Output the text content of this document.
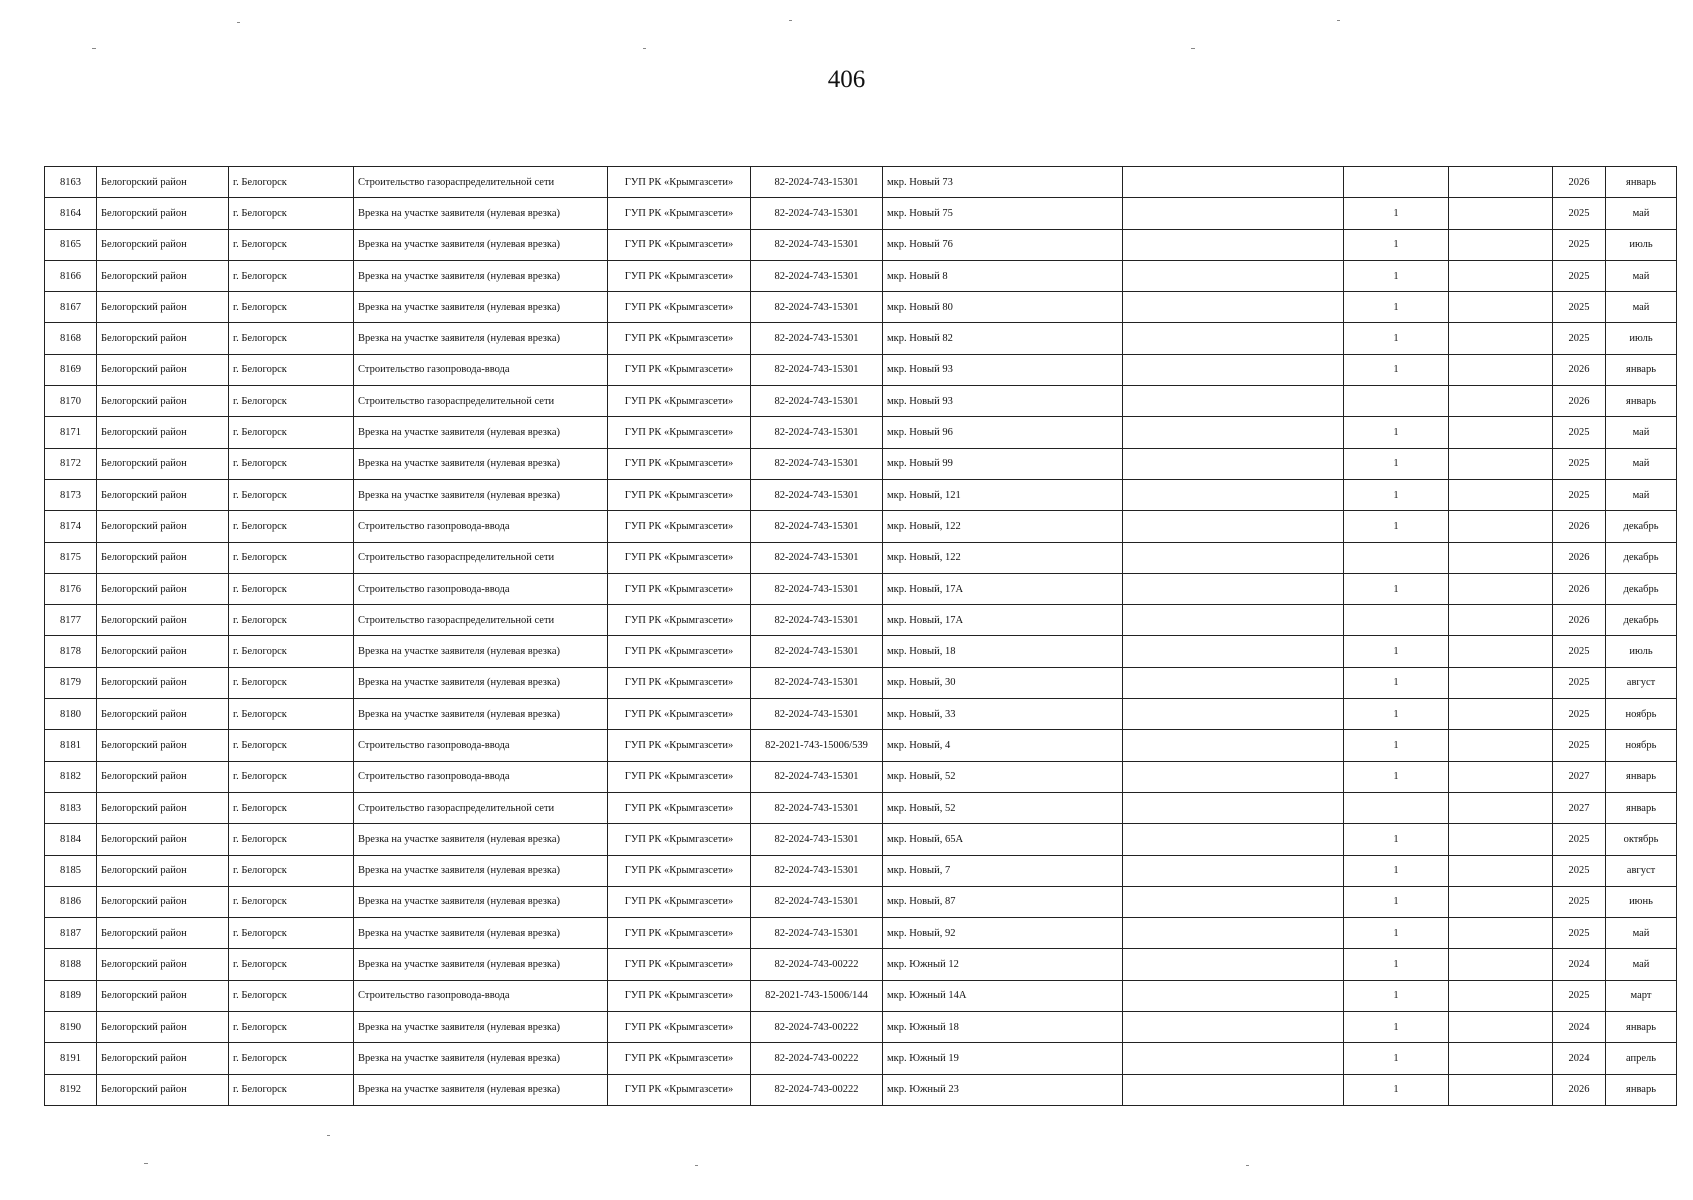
406
8163	Белогорский район	г. Белогорск	Строительство газораспределительной сети	ГУП РК «Крымгазсети»	82-2024-743-15301	мкр. Новый 73				2026	январь
8164	Белогорский район	г. Белогорск	Врезка на участке заявителя (нулевая врезка)	ГУП РК «Крымгазсети»	82-2024-743-15301	мкр. Новый 75		1		2025	май
8165	Белогорский район	г. Белогорск	Врезка на участке заявителя (нулевая врезка)	ГУП РК «Крымгазсети»	82-2024-743-15301	мкр. Новый 76		1		2025	июль
8166	Белогорский район	г. Белогорск	Врезка на участке заявителя (нулевая врезка)	ГУП РК «Крымгазсети»	82-2024-743-15301	мкр. Новый 8		1		2025	май
8167	Белогорский район	г. Белогорск	Врезка на участке заявителя (нулевая врезка)	ГУП РК «Крымгазсети»	82-2024-743-15301	мкр. Новый 80		1		2025	май
8168	Белогорский район	г. Белогорск	Врезка на участке заявителя (нулевая врезка)	ГУП РК «Крымгазсети»	82-2024-743-15301	мкр. Новый 82		1		2025	июль
8169	Белогорский район	г. Белогорск	Строительство газопровода-ввода	ГУП РК «Крымгазсети»	82-2024-743-15301	мкр. Новый 93		1		2026	январь
8170	Белогорский район	г. Белогорск	Строительство газораспределительной сети	ГУП РК «Крымгазсети»	82-2024-743-15301	мкр. Новый 93				2026	январь
8171	Белогорский район	г. Белогорск	Врезка на участке заявителя (нулевая врезка)	ГУП РК «Крымгазсети»	82-2024-743-15301	мкр. Новый 96		1		2025	май
8172	Белогорский район	г. Белогорск	Врезка на участке заявителя (нулевая врезка)	ГУП РК «Крымгазсети»	82-2024-743-15301	мкр. Новый 99		1		2025	май
8173	Белогорский район	г. Белогорск	Врезка на участке заявителя (нулевая врезка)	ГУП РК «Крымгазсети»	82-2024-743-15301	мкр. Новый, 121		1		2025	май
8174	Белогорский район	г. Белогорск	Строительство газопровода-ввода	ГУП РК «Крымгазсети»	82-2024-743-15301	мкр. Новый, 122		1		2026	декабрь
8175	Белогорский район	г. Белогорск	Строительство газораспределительной сети	ГУП РК «Крымгазсети»	82-2024-743-15301	мкр. Новый, 122				2026	декабрь
8176	Белогорский район	г. Белогорск	Строительство газопровода-ввода	ГУП РК «Крымгазсети»	82-2024-743-15301	мкр. Новый, 17А		1		2026	декабрь
8177	Белогорский район	г. Белогорск	Строительство газораспределительной сети	ГУП РК «Крымгазсети»	82-2024-743-15301	мкр. Новый, 17А				2026	декабрь
8178	Белогорский район	г. Белогорск	Врезка на участке заявителя (нулевая врезка)	ГУП РК «Крымгазсети»	82-2024-743-15301	мкр. Новый, 18		1		2025	июль
8179	Белогорский район	г. Белогорск	Врезка на участке заявителя (нулевая врезка)	ГУП РК «Крымгазсети»	82-2024-743-15301	мкр. Новый, 30		1		2025	август
8180	Белогорский район	г. Белогорск	Врезка на участке заявителя (нулевая врезка)	ГУП РК «Крымгазсети»	82-2024-743-15301	мкр. Новый, 33		1		2025	ноябрь
8181	Белогорский район	г. Белогорск	Строительство газопровода-ввода	ГУП РК «Крымгазсети»	82-2021-743-15006/539	мкр. Новый, 4		1		2025	ноябрь
8182	Белогорский район	г. Белогорск	Строительство газопровода-ввода	ГУП РК «Крымгазсети»	82-2024-743-15301	мкр. Новый, 52		1		2027	январь
8183	Белогорский район	г. Белогорск	Строительство газораспределительной сети	ГУП РК «Крымгазсети»	82-2024-743-15301	мкр. Новый, 52				2027	январь
8184	Белогорский район	г. Белогорск	Врезка на участке заявителя (нулевая врезка)	ГУП РК «Крымгазсети»	82-2024-743-15301	мкр. Новый, 65А		1		2025	октябрь
8185	Белогорский район	г. Белогорск	Врезка на участке заявителя (нулевая врезка)	ГУП РК «Крымгазсети»	82-2024-743-15301	мкр. Новый, 7		1		2025	август
8186	Белогорский район	г. Белогорск	Врезка на участке заявителя (нулевая врезка)	ГУП РК «Крымгазсети»	82-2024-743-15301	мкр. Новый, 87		1		2025	июнь
8187	Белогорский район	г. Белогорск	Врезка на участке заявителя (нулевая врезка)	ГУП РК «Крымгазсети»	82-2024-743-15301	мкр. Новый, 92		1		2025	май
8188	Белогорский район	г. Белогорск	Врезка на участке заявителя (нулевая врезка)	ГУП РК «Крымгазсети»	82-2024-743-00222	мкр. Южный 12		1		2024	май
8189	Белогорский район	г. Белогорск	Строительство газопровода-ввода	ГУП РК «Крымгазсети»	82-2021-743-15006/144	мкр. Южный 14А		1		2025	март
8190	Белогорский район	г. Белогорск	Врезка на участке заявителя (нулевая врезка)	ГУП РК «Крымгазсети»	82-2024-743-00222	мкр. Южный 18		1		2024	январь
8191	Белогорский район	г. Белогорск	Врезка на участке заявителя (нулевая врезка)	ГУП РК «Крымгазсети»	82-2024-743-00222	мкр. Южный 19		1		2024	апрель
8192	Белогорский район	г. Белогорск	Врезка на участке заявителя (нулевая врезка)	ГУП РК «Крымгазсети»	82-2024-743-00222	мкр. Южный 23		1		2026	январь
